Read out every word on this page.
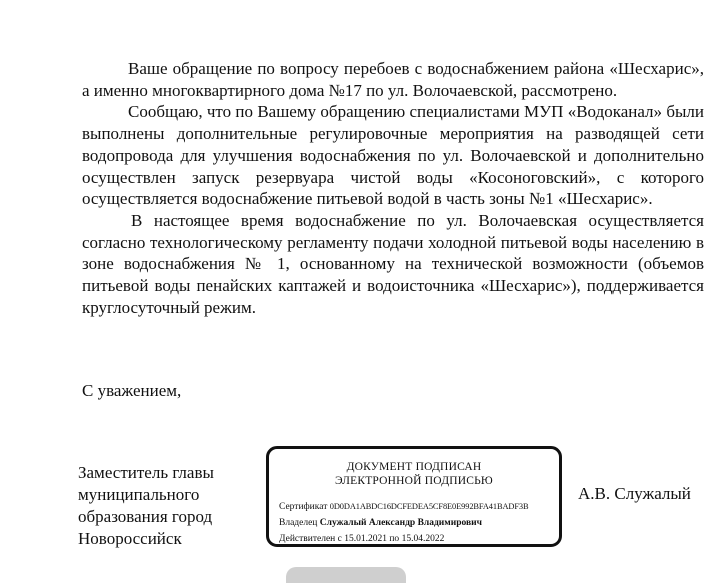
Ваше обращение по вопросу перебоев с водоснабжением района «Шесхарис», а именно многоквартирного дома №17 по ул. Волочаевской, рассмотрено.

Сообщаю, что по Вашему обращению специалистами МУП «Водоканал» были выполнены дополнительные регулировочные мероприятия на разводящей сети водопровода для улучшения водоснабжения по ул. Волочаевской и дополнительно осуществлен запуск резервуара чистой воды «Косоноговский», с которого осуществляется водоснабжение питьевой водой в часть зоны №1 «Шесхарис».

В настоящее время водоснабжение по ул. Волочаевская осуществляется согласно технологическому регламенту подачи холодной питьевой воды населению в зоне водоснабжения № 1, основанному на технической возможности (объемов питьевой воды пенайских каптажей и водоисточника «Шесхарис»), поддерживается круглосуточный режим.

С уважением,

Заместитель главы
муниципального
образования город
Новороссийск
ДОКУМЕНТ ПОДПИСАН
ЭЛЕКТРОННОЙ ПОДПИСЬЮ
Сертификат 0D0DA1ABDC16DCFEDEA5CF8E0E992BFA41BADF3B
Владелец Служалый Александр Владимирович
Действителен с 15.01.2021 по 15.04.2022
А.В. Служалый
